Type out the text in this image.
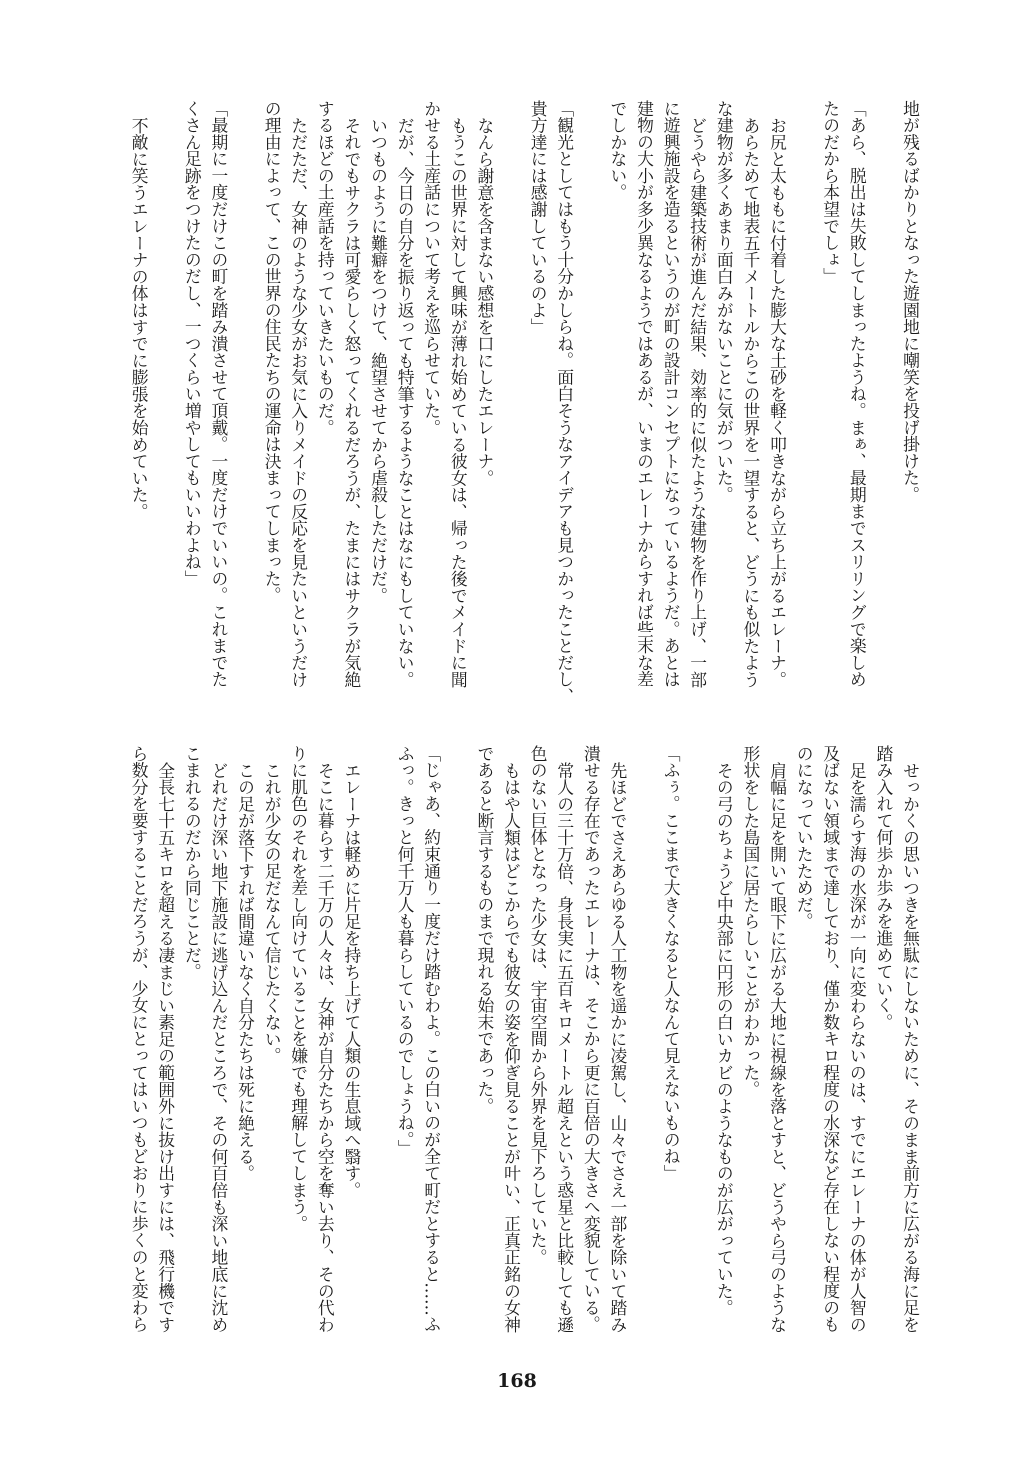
地が残るばかりとなった遊園地に嘲笑を投げ掛けた。
「あら、脱出は失敗してしまったようね。まぁ、最期までスリリングで楽しめ
たのだから本望でしょ」
お尻と太ももに付着した膨大な土砂を軽く叩きながら立ち上がるエレーナ。
あらためて地表五千メートルからこの世界を一望すると、どうにも似たよう
な建物が多くあまり面白みがないことに気がついた。
どうやら建築技術が進んだ結果、効率的に似たような建物を作り上げ、一部
に遊興施設を造るというのが町の設計コンセプトになっているようだ。あとは
建物の大小が多少異なるようではあるが、いまのエレーナからすれば些末な差
でしかない。
「観光としてはもう十分かしらね。面白そうなアイデアも見つかったことだし、
貴方達には感謝しているのよ」
なんら謝意を含まない感想を口にしたエレーナ。
もうこの世界に対して興味が薄れ始めている彼女は、帰った後でメイドに聞
かせる土産話について考えを巡らせていた。
だが、今日の自分を振り返っても特筆するようなことはなにもしていない。
いつものように難癖をつけて、絶望させてから虐殺しただけだ。
それでもサクラは可愛らしく怒ってくれるだろうが、たまにはサクラが気絶
するほどの土産話を持っていきたいものだ。
ただただ、女神のような少女がお気に入りメイドの反応を見たいというだけ
の理由によって、この世界の住民たちの運命は決まってしまった。
「最期に一度だけこの町を踏み潰させて頂戴。一度だけでいいの。これまでた
くさん足跡をつけたのだし、一つくらい増やしてもいいわよね」
不敵に笑うエレーナの体はすでに膨張を始めていた。
せっかくの思いつきを無駄にしないために、そのまま前方に広がる海に足を
踏み入れて何歩か歩みを進めていく。
足を濡らす海の水深が一向に変わらないのは、すでにエレーナの体が人智の
及ばない領域まで達しており、僅か数キロ程度の水深など存在しない程度のも
のになっていたためだ。
肩幅に足を開いて眼下に広がる大地に視線を落とすと、どうやら弓のような
形状をした島国に居たらしいことがわかった。
その弓のちょうど中央部に円形の白いカビのようなものが広がっていた。
「ふぅ。ここまで大きくなると人なんて見えないものね」
先ほどでさえあらゆる人工物を遥かに凌駕し、山々でさえ一部を除いて踏み
潰せる存在であったエレーナは、そこから更に百倍の大きさへ変貌している。
常人の三十万倍、身長実に五百キロメートル超えという惑星と比較しても遜
色のない巨体となった少女は、宇宙空間から外界を見下ろしていた。
もはや人類はどこからでも彼女の姿を仰ぎ見ることが叶い、正真正銘の女神
であると断言するものまで現れる始末であった。
「じゃあ、約束通り一度だけ踏むわよ。この白いのが全て町だとすると……ふ
ふっ。きっと何千万人も暮らしているのでしょうね。」
エレーナは軽めに片足を持ち上げて人類の生息域へ翳す。
そこに暮らす二千万の人々は、女神が自分たちから空を奪い去り、その代わ
りに肌色のそれを差し向けていることを嫌でも理解してしまう。
これが少女の足だなんて信じたくない。
この足が落下すれば間違いなく自分たちは死に絶える。
どれだけ深い地下施設に逃げ込んだところで、その何百倍も深い地底に沈め
こまれるのだから同じことだ。
全長七十五キロを超える凄まじい素足の範囲外に抜け出すには、飛行機です
ら数分を要することだろうが、少女にとってはいつもどおりに歩くのと変わら
168
